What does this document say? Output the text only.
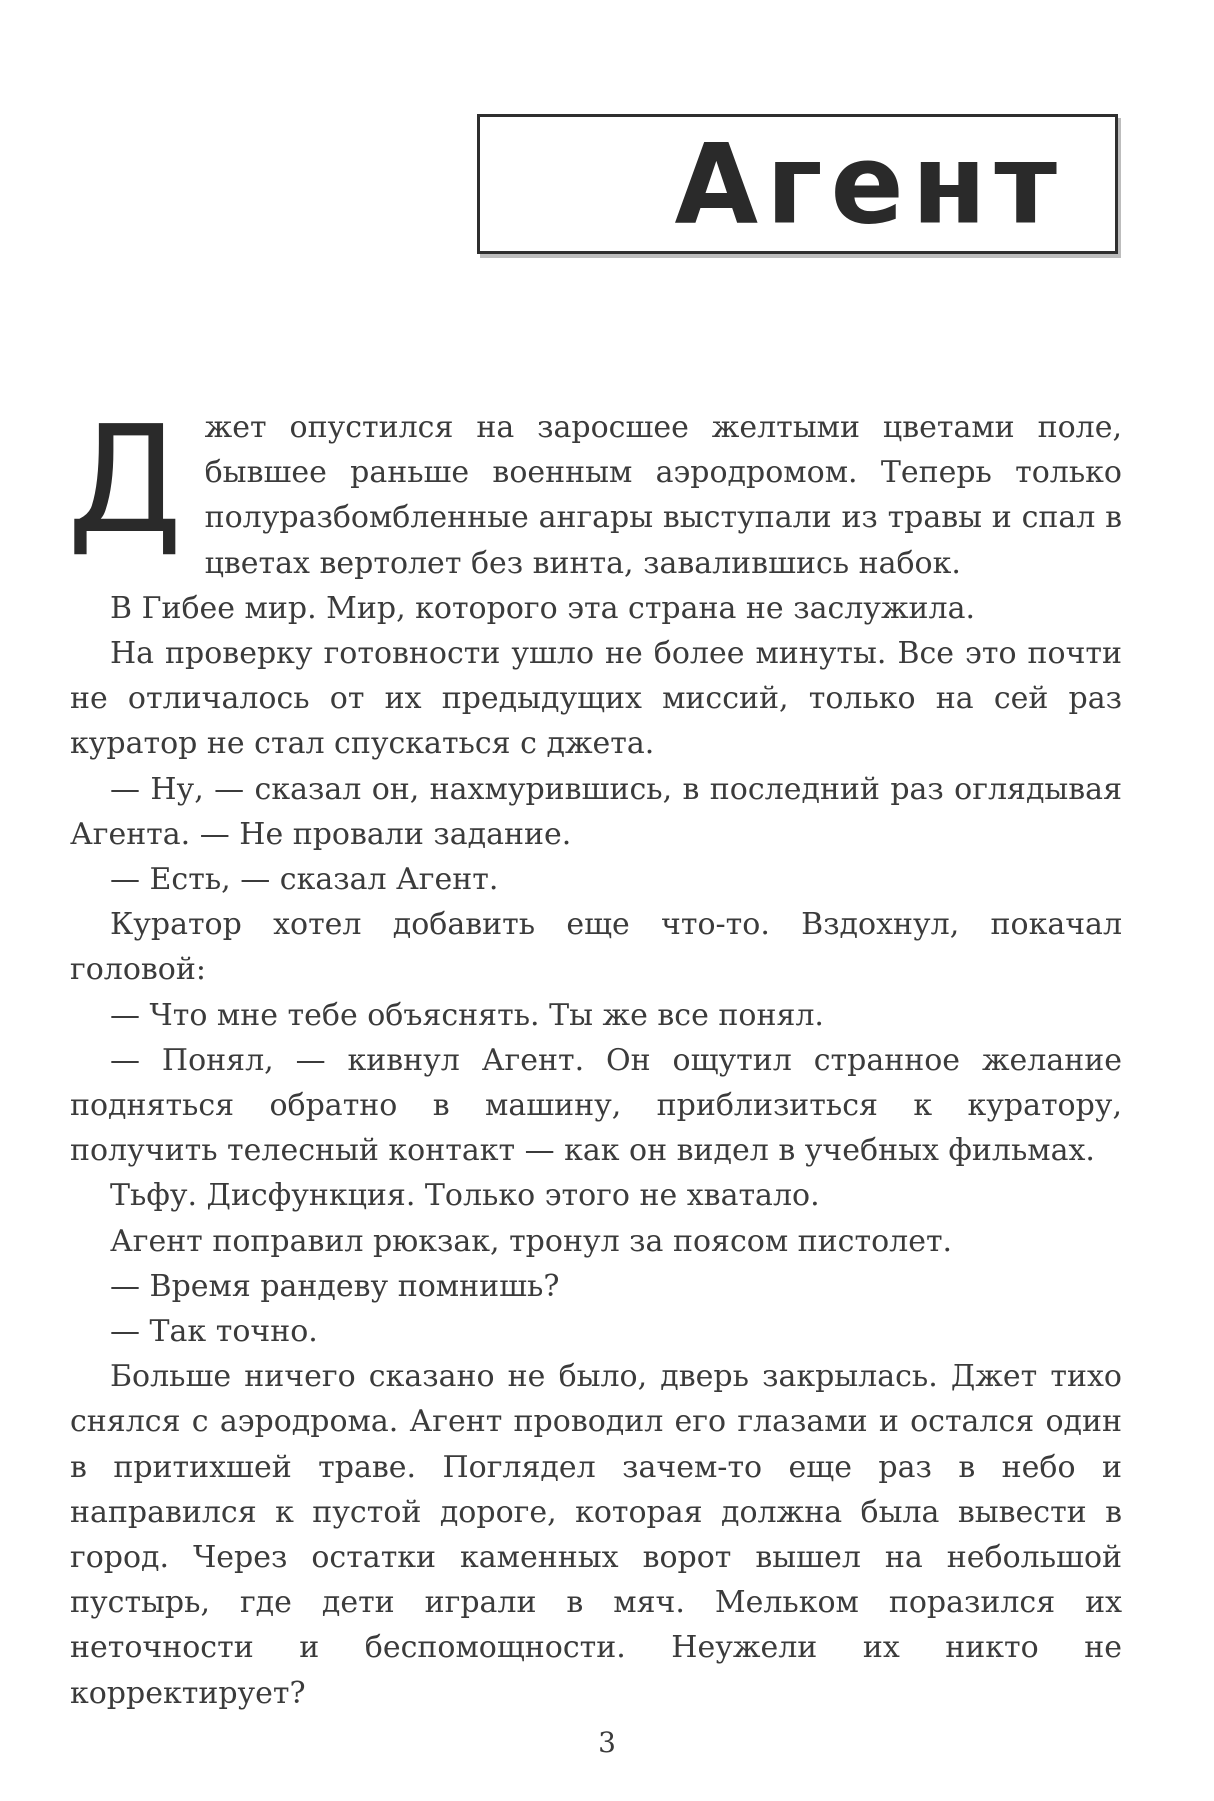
Агент

Джет опустился на заросшее желтыми цветами поле, бывшее раньше военным аэродромом. Теперь только полуразбомбленные ангары выступали из травы и спал в цветах вертолет без винта, завалившись набок.

В Гибее мир. Мир, которого эта страна не заслужила.

На проверку готовности ушло не более минуты. Все это почти не отличалось от их предыдущих миссий, только на сей раз куратор не стал спускаться с джета.

— Ну, — сказал он, нахмурившись, в последний раз оглядывая Агента. — Не провали задание.

— Есть, — сказал Агент.

Куратор хотел добавить еще что-то. Вздохнул, покачал головой:

— Что мне тебе объяснять. Ты же все понял.

— Понял, — кивнул Агент. Он ощутил странное желание подняться обратно в машину, приблизиться к куратору, получить телесный контакт — как он видел в учебных фильмах.

Тьфу. Дисфункция. Только этого не хватало.

Агент поправил рюкзак, тронул за поясом пистолет.

— Время рандеву помнишь?

— Так точно.

Больше ничего сказано не было, дверь закрылась. Джет тихо снялся с аэродрома. Агент проводил его глазами и остался один в притихшей траве. Поглядел зачем-то еще раз в небо и направился к пустой дороге, которая должна была вывести в город. Через остатки каменных ворот вышел на небольшой пустырь, где дети играли в мяч. Мельком поразился их неточности и беспомощности. Неужели их никто не корректирует?

3
